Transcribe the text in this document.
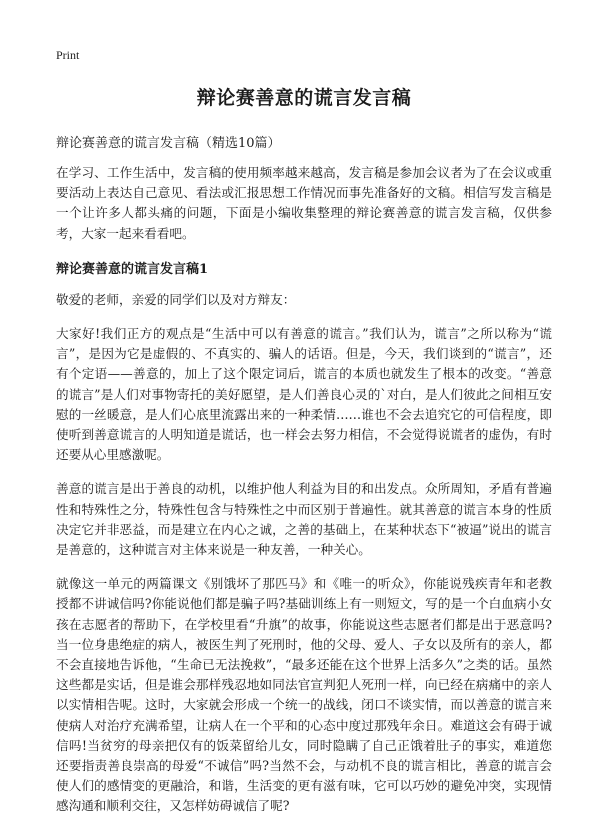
Print
辩论赛善意的谎言发言稿
辩论赛善意的谎言发言稿（精选10篇）

在学习、工作生活中，发言稿的使用频率越来越高，发言稿是参加会议者为了在会议或重要活动上表达自己意见、看法或汇报思想工作情况而事先准备好的文稿。相信写发言稿是一个让许多人都头痛的问题，下面是小编收集整理的辩论赛善意的谎言发言稿，仅供参考，大家一起来看看吧。

辩论赛善意的谎言发言稿1

敬爱的老师，亲爱的同学们以及对方辩友：

大家好!我们正方的观点是“生活中可以有善意的谎言。”我们认为，谎言”之所以称为“谎言”，是因为它是虚假的、不真实的、骗人的话语。但是，今天，我们谈到的“谎言”，还有个定语——善意的，加上了这个限定词后，谎言的本质也就发生了根本的改变。“善意的谎言”是人们对事物寄托的美好愿望，是人们善良心灵的`对白，是人们彼此之间相互安慰的一丝暖意，是人们心底里流露出来的一种柔情……谁也不会去追究它的可信程度，即使听到善意谎言的人明知道是谎话，也一样会去努力相信，不会觉得说谎者的虚伪，有时还要从心里感激呢。

善意的谎言是出于善良的动机，以维护他人利益为目的和出发点。众所周知，矛盾有普遍性和特殊性之分，特殊性包含与特殊性之中而区别于普遍性。就其善意的谎言本身的性质决定它并非恶益，而是建立在内心之诚，之善的基础上，在某种状态下“被逼”说出的谎言是善意的，这种谎言对主体来说是一种友善，一种关心。

就像这一单元的两篇课文《别饿坏了那匹马》和《唯一的听众》，你能说残疾青年和老教授都不讲诚信吗?你能说他们都是骗子吗?基础训练上有一则短文，写的是一个白血病小女孩在志愿者的帮助下，在学校里看“升旗”的故事，你能说这些志愿者们都是出于恶意吗?当一位身患绝症的病人，被医生判了死刑时，他的父母、爱人、子女以及所有的亲人，都不会直接地告诉他，“生命已无法挽救”，“最多还能在这个世界上活多久”之类的话。虽然这些都是实话，但是谁会那样残忍地如同法官宣判犯人死刑一样，向已经在病痛中的亲人以实情相告呢。这时，大家就会形成一个统一的战线，闭口不谈实情，而以善意的谎言来使病人对治疗充满希望，让病人在一个平和的心态中度过那残年余日。难道这会有碍于诚信吗!当贫穷的母亲把仅有的饭菜留给儿女，同时隐瞒了自己正饿着肚子的事实，难道您还要指责善良崇高的母爱“不诚信”吗?当然不会，与动机不良的谎言相比，善意的谎言会使人们的感情变的更融洽，和谐，生活变的更有滋有味，它可以巧妙的避免冲突，实现情感沟通和顺利交往，又怎样妨碍诚信了呢?
